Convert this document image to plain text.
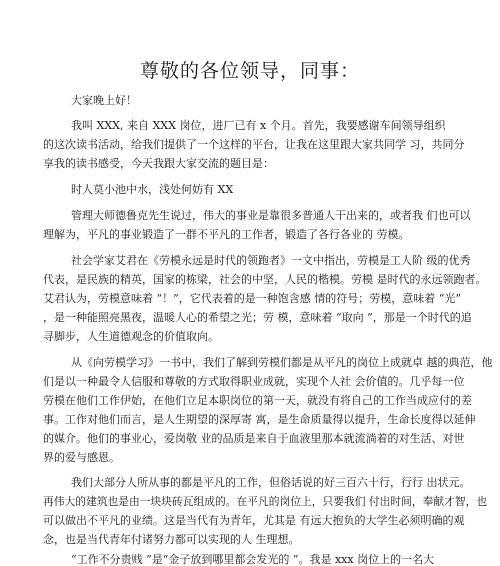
尊敬的各位领导，同事：
大家晚上好！
我叫 XXX, 来自 XXX 岗位，进厂已有 x 个月。首先，我要感谢车间领导组织
的这次读书活动，给我们提供了一个这样的平台，让我在这里跟大家共同学 习，共同分
享我的读书感受，今天我跟大家交流的题目是：
时人莫小池中水，浅处何妨有 XX
管理大师德鲁克先生说过，伟大的事业是靠很多普通人干出来的，或者我 们也可以
理解为，平凡的事业锻造了一群不平凡的工作者，锻造了各行各业的 劳模。
社会学家艾君在《劳模永远是时代的领跑者》一文中指出，劳模是工人阶 级的优秀
代表，是民族的精英，国家的栋梁，社会的中坚，人民的楷模。劳模 是时代的永远领跑者。
艾君认为，劳模意味着 “！”，它代表着的是一种饱含感 情的符号；劳模，意味着 “光”
，是一种能照亮黑夜，温暖人心的希望之光；劳 模，意味着 “取向 ”，那是一个时代的追
寻脚步，人生道德观念的价值取向。
从《向劳模学习》一书中，我们了解到劳模们都是从平凡的岗位上成就卓 越的典范，他
们是以一种最令人信服和尊敬的方式取得职业成就，实现个人社 会价值的。几乎每一位
劳模在他们工作伊始，在他们立足本职岗位的第一天，就没有将自己的工作当成应付的差
事。工作对他们而言，是人生期望的深厚寄 寓，是生命质量得以提升，生命长度得以延伸
的媒介。他们的事业心，爱岗敬 业的品质是来自于血液里那本就流淌着的对生活、对世
界的爱与感恩。
我们大部分人所从事的都是平凡的工作，但俗话说的好三百六十行，行行 出状元。
再伟大的建筑也是由一块块砖瓦组成的。在平凡的岗位上，只要我们 付出时间，奉献才智，也
可以做出不平凡的业绩。这是当代有为青年，尤其是 有远大抱负的大学生必须明确的观
念，也是当代青年付诸努力都可以实现的人 生理想。
“工作不分贵贱 ”是“金子放到哪里都会发光的 ”。我是 xxx 岗位上的一名大
